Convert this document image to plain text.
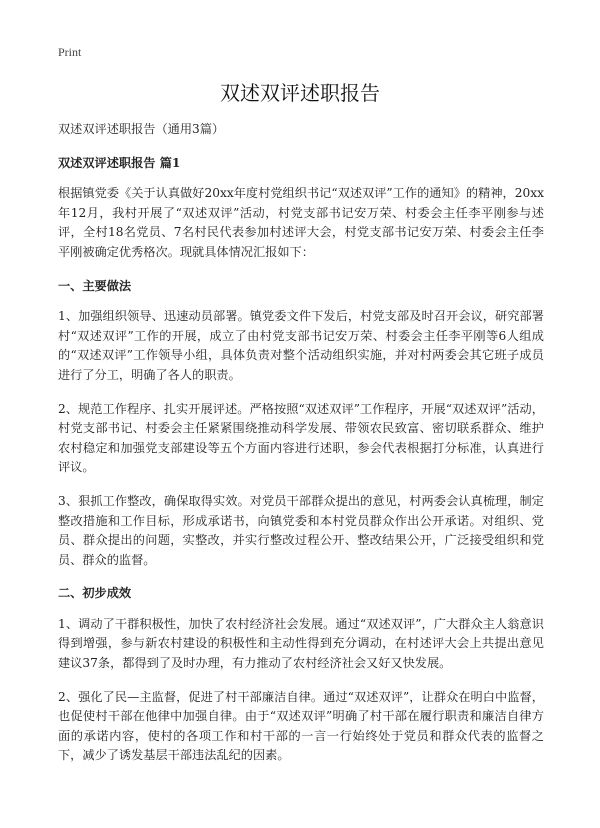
Print
双述双评述职报告

双述双评述职报告（通用3篇）

双述双评述职报告 篇1

根据镇党委《关于认真做好20xx年度村党组织书记“双述双评”工作的通知》的精神，20xx年12月，我村开展了“双述双评”活动，村党支部书记安万荣、村委会主任李平刚参与述评，全村18名党员、7名村民代表参加村述评大会，村党支部书记安万荣、村委会主任李平刚被确定优秀格次。现就具体情况汇报如下：

一、主要做法

1、加强组织领导、迅速动员部署。镇党委文件下发后，村党支部及时召开会议，研究部署村“双述双评”工作的开展，成立了由村党支部书记安万荣、村委会主任李平刚等6人组成的“双述双评”工作领导小组，具体负责对整个活动组织实施，并对村两委会其它班子成员进行了分工，明确了各人的职责。

2、规范工作程序、扎实开展评述。严格按照“双述双评”工作程序，开展“双述双评”活动，村党支部书记、村委会主任紧紧围绕推动科学发展、带领农民致富、密切联系群众、维护农村稳定和加强党支部建设等五个方面内容进行述职，参会代表根据打分标准，认真进行评议。

3、狠抓工作整改，确保取得实效。对党员干部群众提出的意见，村两委会认真梳理，制定整改措施和工作目标，形成承诺书，向镇党委和本村党员群众作出公开承诺。对组织、党员、群众提出的问题，实整改，并实行整改过程公开、整改结果公开，广泛接受组织和党员、群众的监督。

二、初步成效

1、调动了干群积极性，加快了农村经济社会发展。通过“双述双评”，广大群众主人翁意识得到增强，参与新农村建设的积极性和主动性得到充分调动，在村述评大会上共提出意见建议37条，都得到了及时办理，有力推动了农村经济社会又好又快发展。

2、强化了民—主监督，促进了村干部廉洁自律。通过“双述双评”，让群众在明白中监督，也促使村干部在他律中加强自律。由于“双述双评”明确了村干部在履行职责和廉洁自律方面的承诺内容，使村的各项工作和村干部的一言一行始终处于党员和群众代表的监督之下，减少了诱发基层干部违法乱纪的因素。
